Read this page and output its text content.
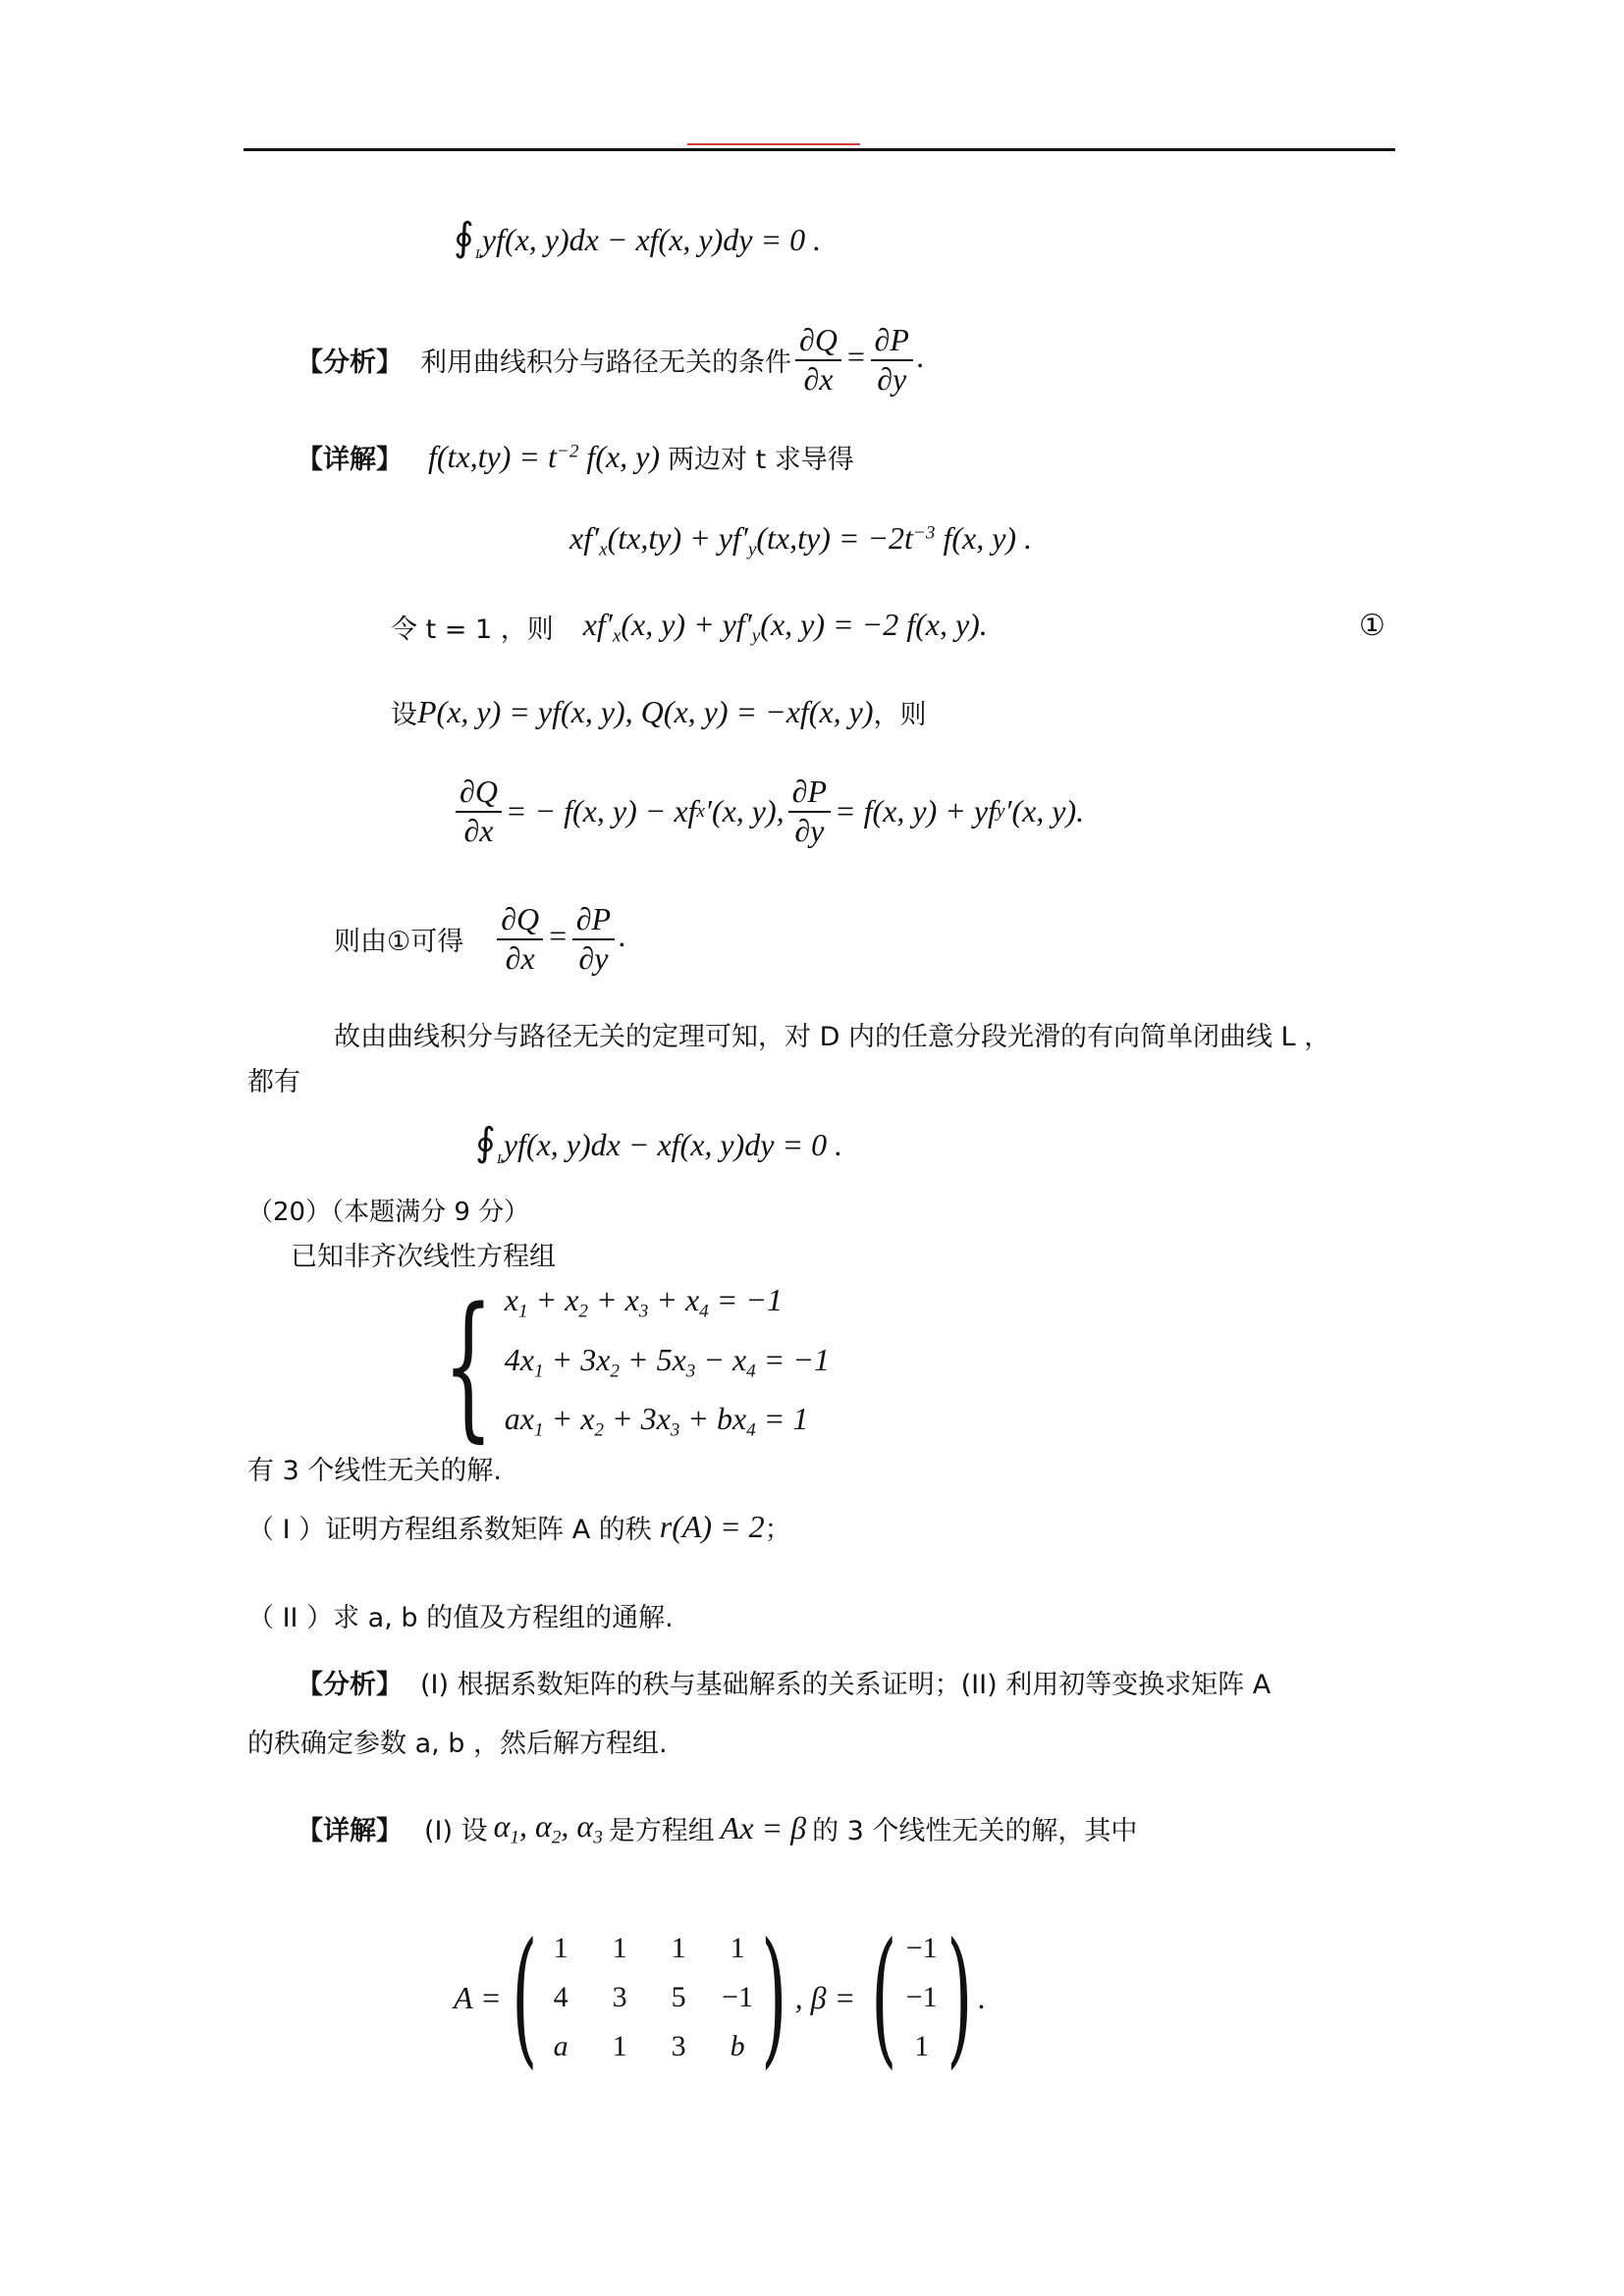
∮ L yf(x, y)dx − xf(x, y)dy = 0 .
【分析】 利用曲线积分与路径无关的条件 $\frac{\partial Q}{\partial x} = \frac{\partial P}{\partial y}$ .
【详解】 $f(tx,ty) = t^{-2}$ f(x, y) 两边对 t 求导得
$xf'_x(tx,ty) + yf'_y(tx,ty) = -2t^{-3}$ f(x, y) .
令 t = 1 ，则 $xf'_x(x$, $y) + yf'_y(x$, y) = −2 f(x, y).	①
设 P(x, y) = yf(x, y), Q(x, y) = −xf(x, y) ，则
$\frac{\partial Q}{\partial x}$ = − f(x, y) − xf x ′(x, y), $\frac{\partial P}{\partial y} = f(x$, y) + yf y ′(x, y).
则由①可得 $\frac{\partial Q}{\partial x} = \frac{\partial P}{\partial y}$ .
故由曲线积分与路径无关的定理可知，对 D 内的任意分段光滑的有向简单闭曲线 L ，
都有
∮ L yf(x, y)dx − xf(x, y)dy = 0 .
（20）（本题满分 9 分）
已知非齐次线性方程组
{ $x_1 + x_2 + x_3 + x_4 = -1$
$4x_1 + 3x_2 + 5x_3 - x_4 = -1$
$ax_1 + x_2 + 3x_3 + bx_4 = 1$
有 3 个线性无关的解.
（ I ）证明方程组系数矩阵 A 的秩 r(A) = 2 ；
（ II ）求 a, b 的值及方程组的通解.
【分析】 (I) 根据系数矩阵的秩与基础解系的关系证明；(II) 利用初等变换求矩阵 A
的秩确定参数 a, b ，然后解方程组.
【详解】 (I) 设 $\alpha_1$, $\alpha_2$, $\alpha_3$ 是方程组 Ax = β 的 3 个线性无关的解，其中
A = ( 1	1	1	1
4	3	5	−1
a	1	3	b ) , β = ( −1
−1
1 ) .
